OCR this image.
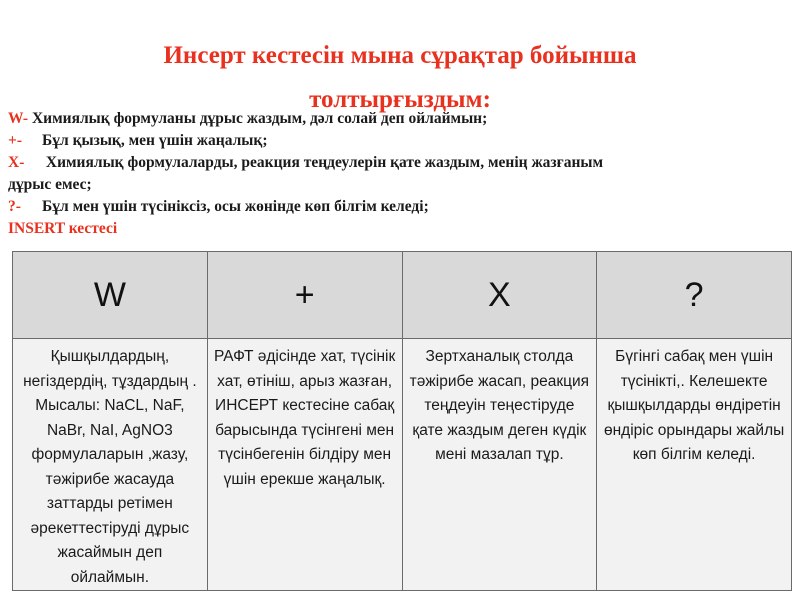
Инсерт кестесін мына сұрақтар бойынша
толтырғыздым:
W- Химиялық формуланы дұрыс жаздым, дәл солай деп ойлаймын;
+- Бұл қызық, мен үшін жаңалық;
Х- Химиялық формулаларды, реакция теңдеулерін қате жаздым, менің жазғаным
дұрыс емес;
?- Бұл мен үшін түсініксіз, осы жөнінде көп білгім келеді;
INSERT кестесі
W	+	X	?
Қышқылдардың, негіздердің, тұздардың . Мысалы: NaCL, NaF, NaBr, NaI, AgNO3 формулаларын ,жазу, тәжірибе жасауда заттарды ретімен әрекеттестіруді дұрыс жасаймын деп ойлаймын.	РАФТ әдісінде хат, түсінік хат, өтініш, арыз жазған, ИНСЕРТ кестесіне сабақ барысында түсінгені мен түсінбегенін білдіру мен үшін ерекше жаңалық.	Зертханалық столда тәжірибе жасап, реакция теңдеуін теңестіруде қате жаздым деген күдік мені мазалап тұр.	Бүгінгі сабақ мен үшін түсінікті,. Келешекте қышқылдарды өндіретін өндіріс орындары жайлы көп білгім келеді.
